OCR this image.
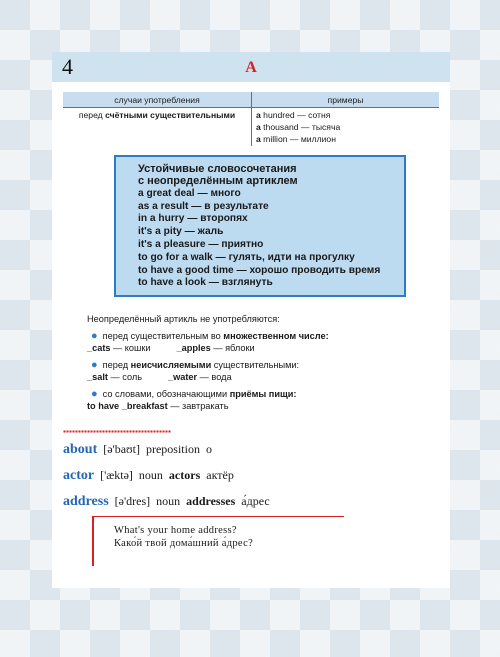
4	A
случаи употребления	примеры
перед счётными существительными	a hundred — сотня
a thousand — тысяча
a million — миллион
Устойчивые словосочетания
с неопределённым артиклем
a great deal — много
as a result — в результате
in a hurry — второпях
it's a pity — жаль
it's a pleasure — приятно
to go for a walk — гулять, идти на прогулку
to have a good time — хорошо проводить время
to have a look — взглянуть
Неопределённый артикль не употребляются:
● перед существительным во множественном числе:
_cats — кошки	_apples — яблоки
● перед неисчисляемыми существительными:
_salt — соль	_water — вода
● со словами, обозначающими приёмы пищи:
to have _breakfast — завтракать
about [ə'baʊt] preposition о
actor ['æktə] noun actors актёр
address [ə'dres] noun addresses а́дрес
What's your home address?
Како́й твой дома́шний а́дрес?
